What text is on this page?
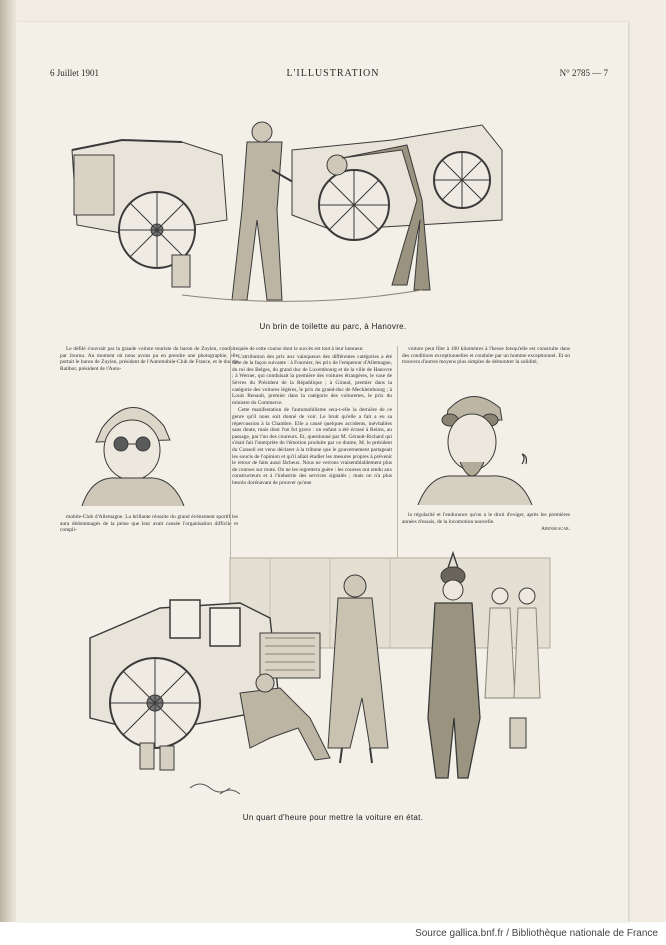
6 Juillet 1901	L'ILLUSTRATION	N° 2785 — 7
Un brin de toilette au parc, à Hanovre.

Le défilé s'ouvrait par la grande voiture touriste du baron de Zuylen, conduite par Journu. Au moment où nous avons pu en prendre une photographie, elle portait le baron de Zuylen, président de l'Automobile-Club de France, et le duc de Ratibor, président de l'Auto-

mobile-Club d'Allemagne. La brillante réussite du grand événement sportif les aura dédommagés de la peine que leur avait causée l'organisation difficile et compli-

quée de cette course dont le succès est tout à leur honneur.

L'attribution des prix aux vainqueurs des différentes catégories a été faite de la façon suivante : à Fournier, les prix de l'empereur d'Allemagne, du roi des Belges, du grand duc de Luxembourg et de la ville de Hanovre ; à Werner, qui conduisait la première des voitures étrangères, le vase de Sèvres du Président de la République ; à Giraud, premier dans la catégorie des voitures légères, le prix du grand-duc de Mecklembourg ; à Louis Renault, premier dans la catégorie des voiturettes, le prix du ministre du Commerce.

Cette manifestation de l'automobilisme sera-t-elle la dernière de ce genre qu'il nous soit donné de voir. Le bruit qu'elle a fait a eu sa répercussion à la Chambre. Elle a causé quelques accidents, inévitables sans doute, mais dont l'un fut grave : un enfant a été écrasé à Reims, au passage, par l'un des coureurs. Et, questionné par M. Gérault-Richard qui s'était fait l'interprète de l'émotion produite par ce drame, M. le président du Conseil est venu déclarer à la tribune que le gouvernement partageait les soucis de l'opinion et qu'il allait étudier les mesures propres à prévenir le retour de faits aussi fâcheux. Nous ne verrons vraisemblablement plus de courses sur route. On ne les regrettera guère : les courses ont rendu aux constructeurs et à l'industrie des services signalés ; mais on n'a plus besoin dorénavant de prouver qu'une

voiture peut filer à 100 kilomètres à l'heure lorsqu'elle est construite dans des conditions exceptionnelles et conduite par un homme exceptionnel. Et on trouvera d'autres moyens plus simples de démontrer la solidité,

la régularité et l'endurance qu'on a le droit d'exiger, après les premières années d'essais, de la locomotion nouvelle.

Abenseacar.
Un quart d'heure pour mettre la voiture en état.
Source gallica.bnf.fr / Bibliothèque nationale de France
